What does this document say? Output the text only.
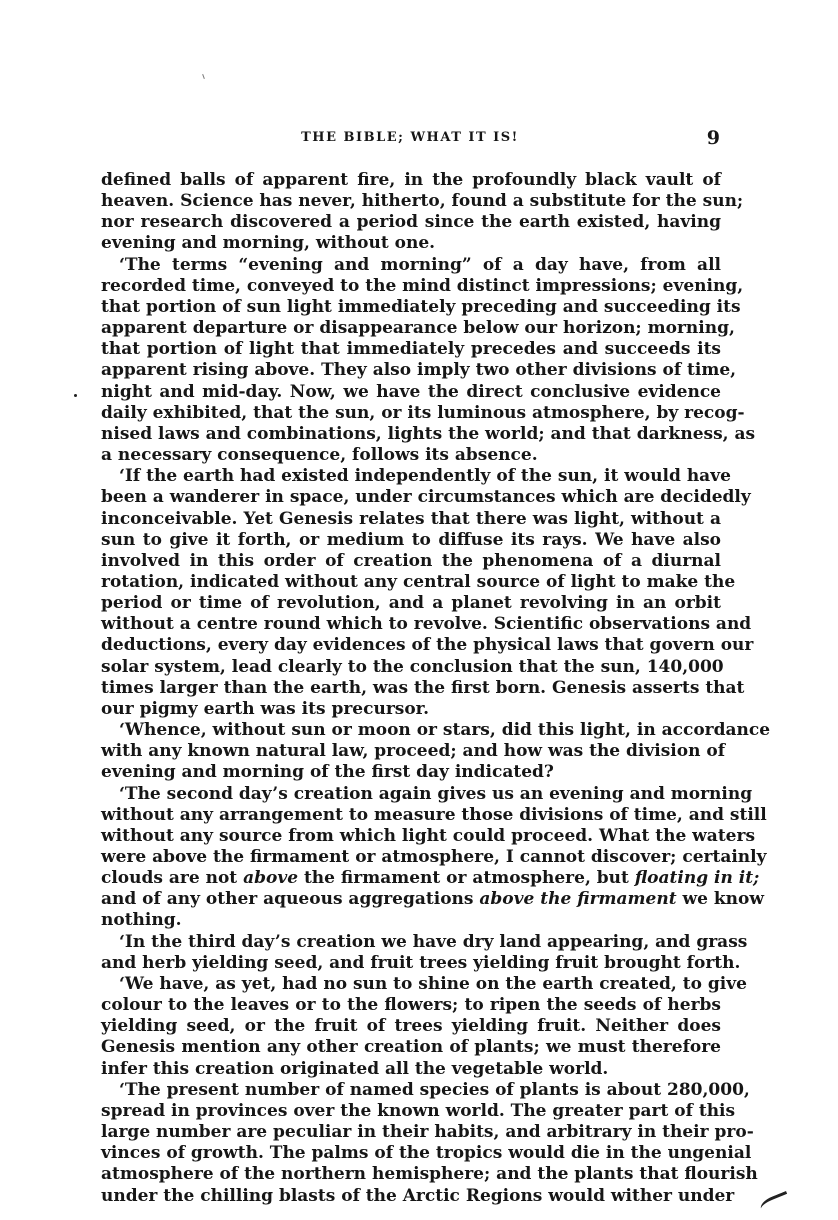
THE BIBLE; WHAT IT IS!	9
defined balls of apparent fire, in the profoundly black vault of
heaven. Science has never, hitherto, found a substitute for the sun;
nor research discovered a period since the earth existed, having
evening and morning, without one.
‘The terms “evening and morning” of a day have, from all
recorded time, conveyed to the mind distinct impressions; evening,
that portion of sun light immediately preceding and succeeding its
apparent departure or disappearance below our horizon; morning,
that portion of light that immediately precedes and succeeds its
apparent rising above. They also imply two other divisions of time,
night and mid-day. Now, we have the direct conclusive evidence
daily exhibited, that the sun, or its luminous atmosphere, by recog-
nised laws and combinations, lights the world; and that darkness, as
a necessary consequence, follows its absence.
‘If the earth had existed independently of the sun, it would have
been a wanderer in space, under circumstances which are decidedly
inconceivable. Yet Genesis relates that there was light, without a
sun to give it forth, or medium to diffuse its rays. We have also
involved in this order of creation the phenomena of a diurnal
rotation, indicated without any central source of light to make the
period or time of revolution, and a planet revolving in an orbit
without a centre round which to revolve. Scientific observations and
deductions, every day evidences of the physical laws that govern our
solar system, lead clearly to the conclusion that the sun, 140,000
times larger than the earth, was the first born. Genesis asserts that
our pigmy earth was its precursor.
‘Whence, without sun or moon or stars, did this light, in accordance
with any known natural law, proceed; and how was the division of
evening and morning of the first day indicated?
‘The second day’s creation again gives us an evening and morning
without any arrangement to measure those divisions of time, and still
without any source from which light could proceed. What the waters
were above the firmament or atmosphere, I cannot discover; certainly
clouds are not above the firmament or atmosphere, but floating in it;
and of any other aqueous aggregations above the firmament we know
nothing.
‘In the third day’s creation we have dry land appearing, and grass
and herb yielding seed, and fruit trees yielding fruit brought forth.
‘We have, as yet, had no sun to shine on the earth created, to give
colour to the leaves or to the flowers; to ripen the seeds of herbs
yielding seed, or the fruit of trees yielding fruit. Neither does
Genesis mention any other creation of plants; we must therefore
infer this creation originated all the vegetable world.
‘The present number of named species of plants is about 280,000,
spread in provinces over the known world. The greater part of this
large number are peculiar in their habits, and arbitrary in their pro-
vinces of growth. The palms of the tropics would die in the ungenial
atmosphere of the northern hemisphere; and the plants that flourish
under the chilling blasts of the Arctic Regions would wither under
